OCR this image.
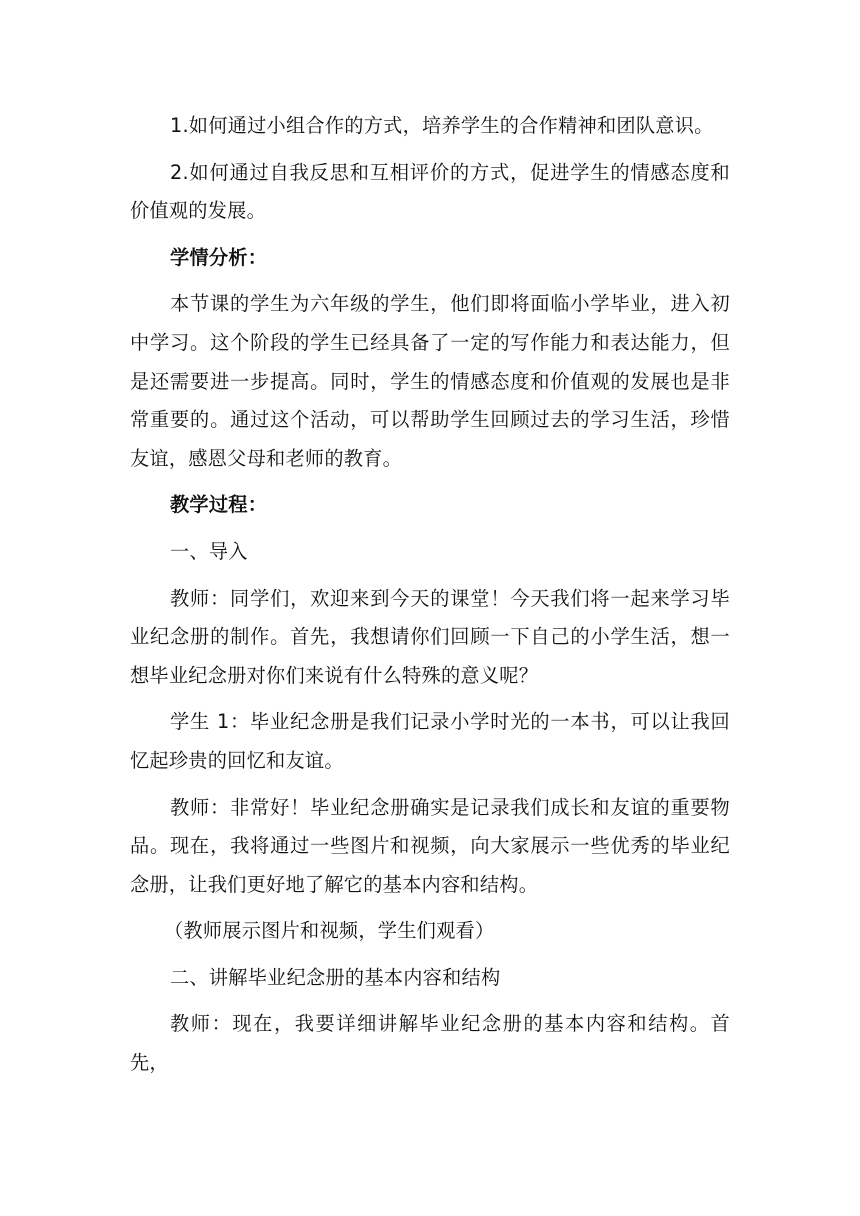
1.如何通过小组合作的方式，培养学生的合作精神和团队意识。

2.如何通过自我反思和互相评价的方式，促进学生的情感态度和价值观的发展。

学情分析：

本节课的学生为六年级的学生，他们即将面临小学毕业，进入初中学习。这个阶段的学生已经具备了一定的写作能力和表达能力，但是还需要进一步提高。同时，学生的情感态度和价值观的发展也是非常重要的。通过这个活动，可以帮助学生回顾过去的学习生活，珍惜友谊，感恩父母和老师的教育。

教学过程：

一、导入

教师：同学们，欢迎来到今天的课堂！今天我们将一起来学习毕业纪念册的制作。首先，我想请你们回顾一下自己的小学生活，想一想毕业纪念册对你们来说有什么特殊的意义呢？

学生 1：毕业纪念册是我们记录小学时光的一本书，可以让我回忆起珍贵的回忆和友谊。

教师：非常好！毕业纪念册确实是记录我们成长和友谊的重要物品。现在，我将通过一些图片和视频，向大家展示一些优秀的毕业纪念册，让我们更好地了解它的基本内容和结构。

（教师展示图片和视频，学生们观看）

二、讲解毕业纪念册的基本内容和结构

教师：现在，我要详细讲解毕业纪念册的基本内容和结构。首先，
